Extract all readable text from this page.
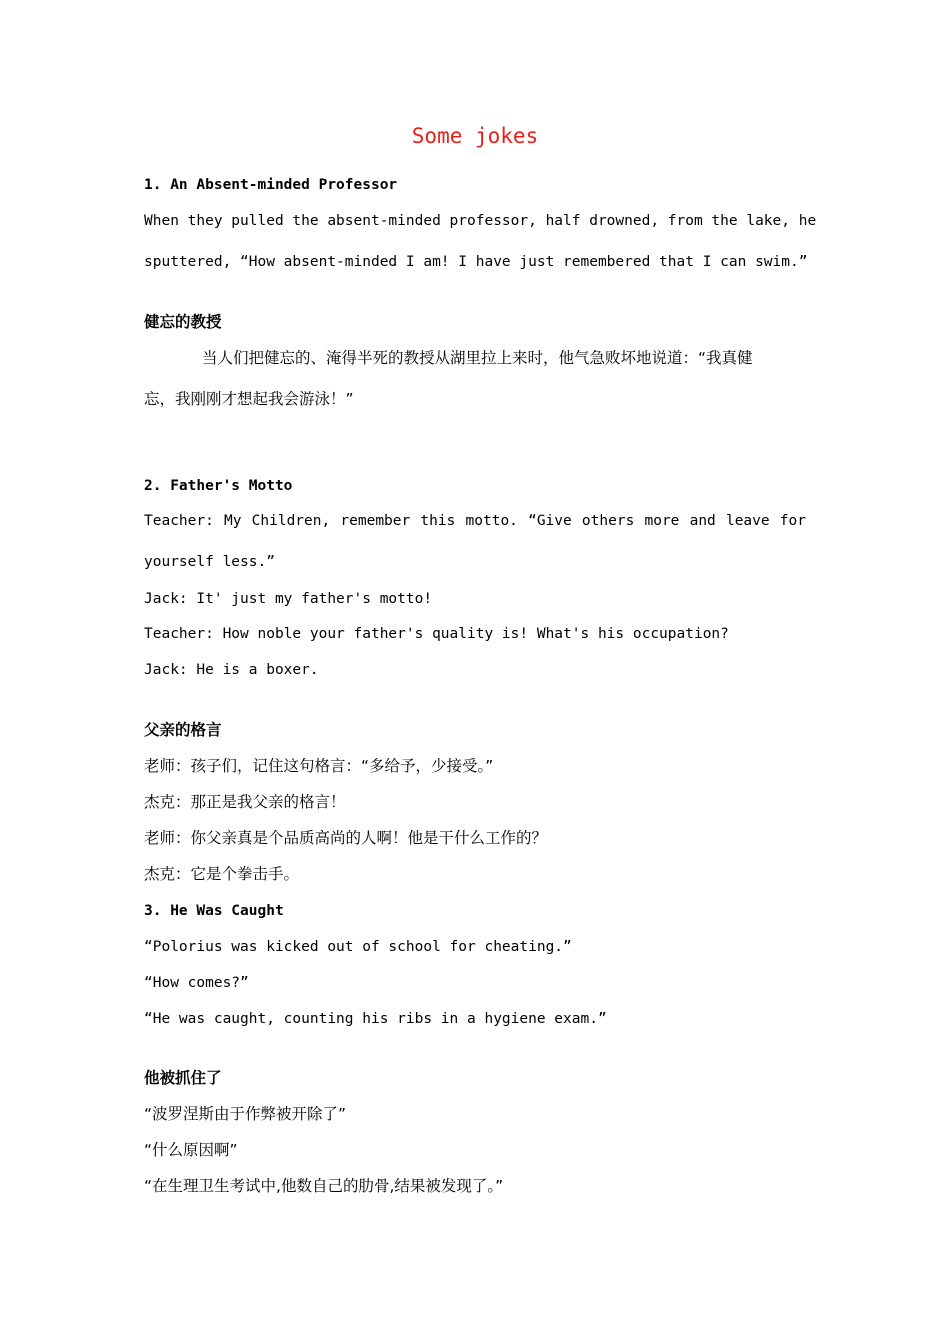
Some jokes
1. An Absent-minded Professor
When they pulled the absent-minded professor, half drowned, from the lake, he
sputtered, “How absent-minded I am! I have just remembered that I can swim.”
健忘的教授
当人们把健忘的、淹得半死的教授从湖里拉上来时，他气急败坏地说道：“我真健
忘，我刚刚才想起我会游泳！”
2. Father's Motto
Teacher: My Children, remember this motto. “Give others more and leave for
yourself less.”
Jack: It' just my father's motto!
Teacher: How noble your father's quality is! What's his occupation?
Jack: He is a boxer.
父亲的格言
老师：孩子们，记住这句格言：“多给予，少接受。”
杰克：那正是我父亲的格言！
老师：你父亲真是个品质高尚的人啊！他是干什么工作的？
杰克：它是个拳击手。
3. He Was Caught
“Polorius was kicked out of school for cheating.”
“How comes?”
“He was caught, counting his ribs in a hygiene exam.”
他被抓住了
“波罗涅斯由于作弊被开除了”
“什么原因啊”
“在生理卫生考试中,他数自己的肋骨,结果被发现了。”
